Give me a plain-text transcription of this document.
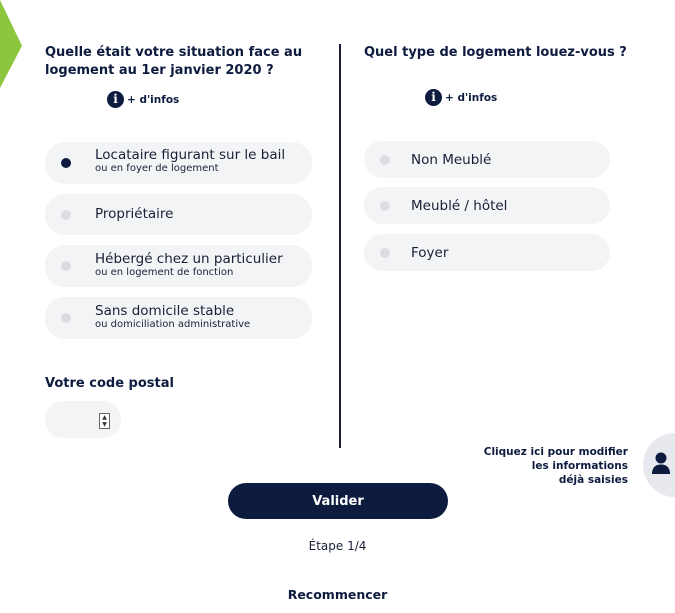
Quelle était votre situation face au
logement au 1er janvier 2020 ?
i + d'infos
Locataire figurant sur le bail
ou en foyer de logement
Propriétaire
Hébergé chez un particulier
ou en logement de fonction
Sans domicile stable
ou domiciliation administrative
Votre code postal
▲
▼
Quel type de logement louez-vous ?
i + d'infos
Non Meublé
Meublé / hôtel
Foyer
Cliquez ici pour modifier
les informations
déjà saisies
Valider
Étape 1/4
Recommencer
